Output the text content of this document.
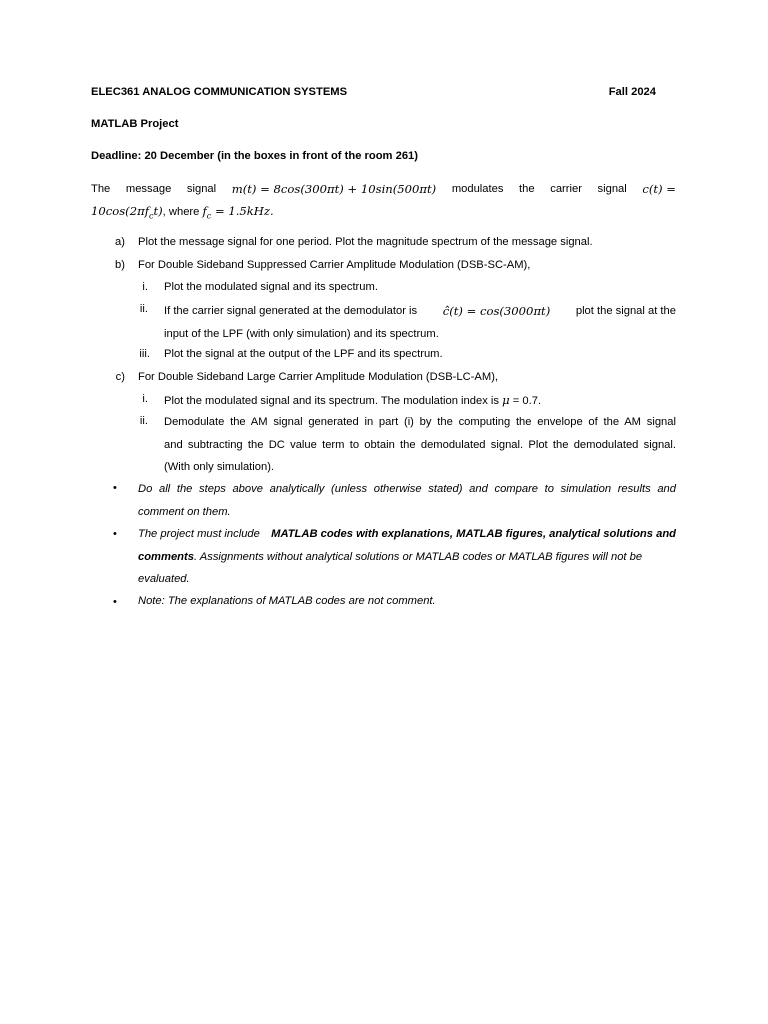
ELEC361 ANALOG COMMUNICATION SYSTEMS	Fall 2024
MATLAB Project
Deadline: 20 December (in the boxes in front of the room 261)
The message signal m(t) = 8cos(300πt) + 10sin(500πt) modulates the carrier signal c(t) =
$10\cos(2\pi f_ct)$, where $f_c = 1.5kHz$.
a) Plot the message signal for one period. Plot the magnitude spectrum of the message signal.
b) For Double Sideband Suppressed Carrier Amplitude Modulation (DSB-SC-AM),
i. Plot the modulated signal and its spectrum.
ii. If the carrier signal generated at the demodulator is ĉ(t) = cos(3000πt) plot the signal at the
input of the LPF (with only simulation) and its spectrum.
iii. Plot the signal at the output of the LPF and its spectrum.
c) For Double Sideband Large Carrier Amplitude Modulation (DSB-LC-AM),
i. Plot the modulated signal and its spectrum. The modulation index is μ = 0.7.
ii. Demodulate the AM signal generated in part (i) by the computing the envelope of the AM signal
and subtracting the DC value term to obtain the demodulated signal. Plot the demodulated signal.
(With only simulation).
• Do all the steps above analytically (unless otherwise stated) and compare to simulation results and
comment on them.
• The project must include MATLAB codes with explanations, MATLAB figures, analytical solutions and
comments. Assignments without analytical solutions or MATLAB codes or MATLAB figures will not be
evaluated.
• Note: The explanations of MATLAB codes are not comment.
